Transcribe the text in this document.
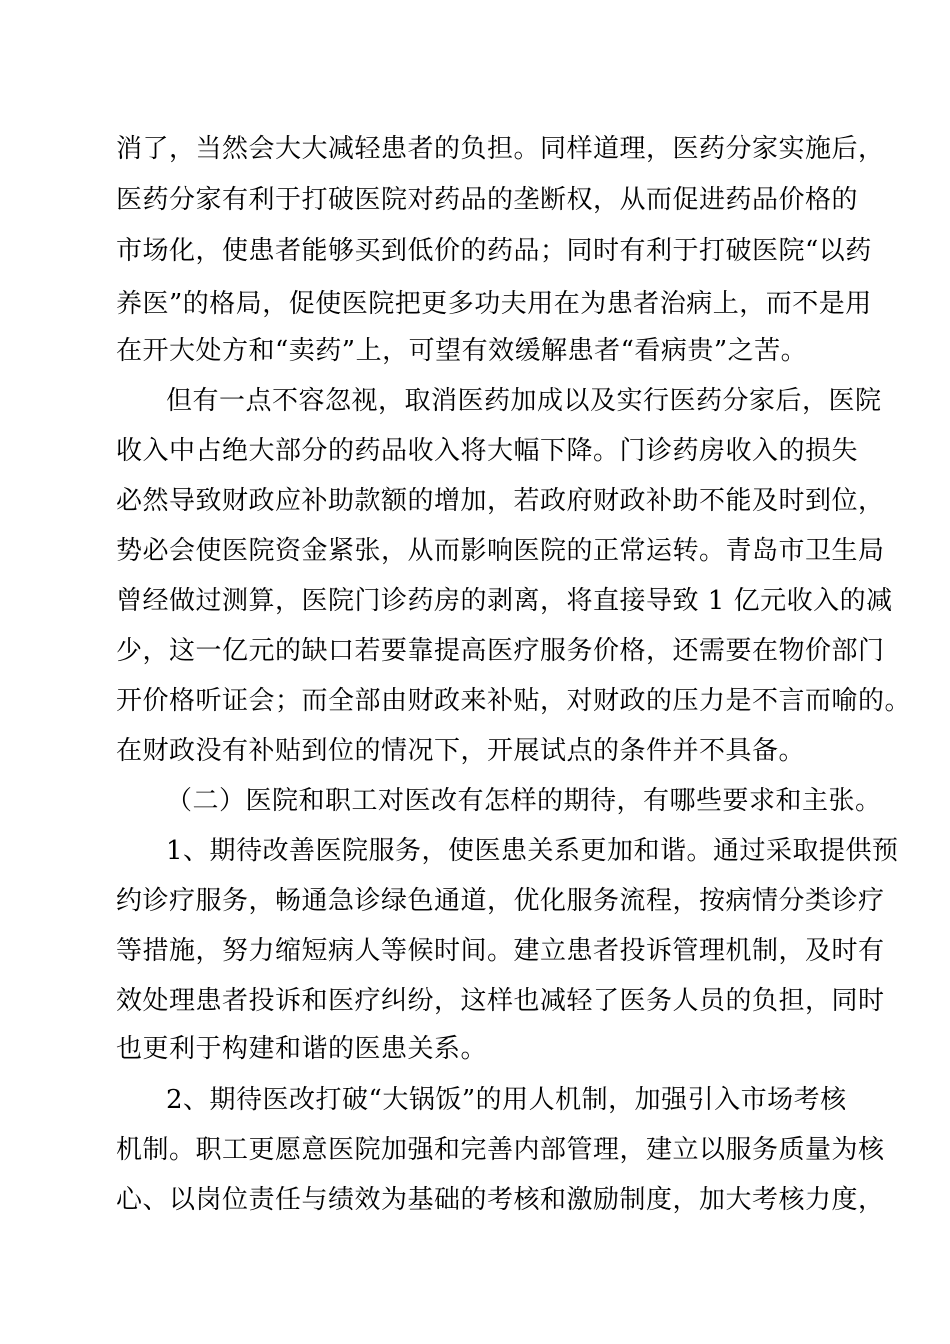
消了，当然会大大减轻患者的负担。同样道理，医药分家实施后，
医药分家有利于打破医院对药品的垄断权，从而促进药品价格的
市场化，使患者能够买到低价的药品；同时有利于打破医院“以药
养医”的格局，促使医院把更多功夫用在为患者治病上，而不是用
在开大处方和“卖药”上，可望有效缓解患者“看病贵”之苦。
但有一点不容忽视，取消医药加成以及实行医药分家后，医院
收入中占绝大部分的药品收入将大幅下降。门诊药房收入的损失
必然导致财政应补助款额的增加，若政府财政补助不能及时到位，
势必会使医院资金紧张，从而影响医院的正常运转。青岛市卫生局
曾经做过测算，医院门诊药房的剥离，将直接导致 1 亿元收入的减
少，这一亿元的缺口若要靠提高医疗服务价格，还需要在物价部门
开价格听证会；而全部由财政来补贴，对财政的压力是不言而喻的。
在财政没有补贴到位的情况下，开展试点的条件并不具备。
（二）医院和职工对医改有怎样的期待，有哪些要求和主张。
1、期待改善医院服务，使医患关系更加和谐。通过采取提供预
约诊疗服务，畅通急诊绿色通道，优化服务流程，按病情分类诊疗
等措施，努力缩短病人等候时间。建立患者投诉管理机制，及时有
效处理患者投诉和医疗纠纷，这样也减轻了医务人员的负担，同时
也更利于构建和谐的医患关系。
2、期待医改打破“大锅饭”的用人机制，加强引入市场考核
机制。职工更愿意医院加强和完善内部管理，建立以服务质量为核
心、以岗位责任与绩效为基础的考核和激励制度，加大考核力度，
